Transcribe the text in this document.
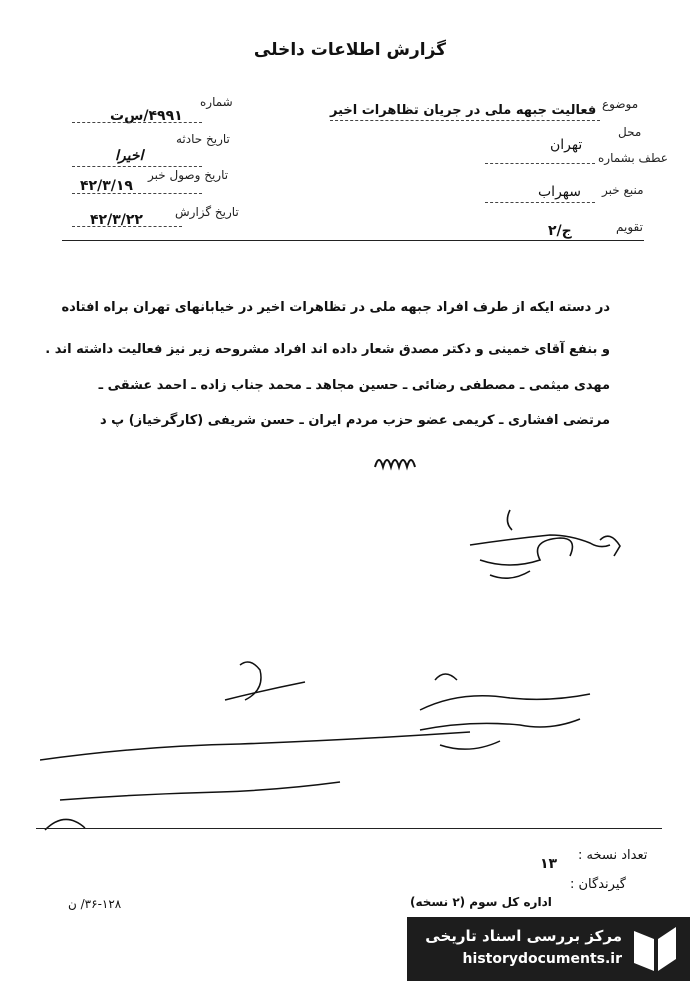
گزارش اطلاعات داخلی
شماره
۴۹۹۱/س‌ت
تاریخ حادثه
اخیرا
تاریخ وصول خبر
۴۲/۳/۱۹
تاریخ گزارش
۴۲/۳/۲۲
موضوع
فعالیت جبهه ملی در جریان تظاهرات اخیر
محل
تهران
عطف بشماره
منبع خبر
سهراب
تقویم
ج/۲
در دسته ایکه از طرف افراد جبهه ملی در تظاهرات اخیر در خیابانهای تهران براه افتاده
و بنفع آقای خمینی و دکتر مصدق شعار داده اند افراد مشروحه زیر نیز فعالیت داشته اند .
مهدی میثمی ـ مصطفی رضائی ـ حسین مجاهد ـ محمد جناب زاده ـ احمد عشقی ـ
مرتضی افشاری ـ کریمی عضو حزب مردم ایران ـ حسن شریفی (کارگرخیاز) پ د
تعداد نسخه :
۱۳
گیرندگان :
اداره کل سوم (۲ نسخه)
۳۶-۱۲۸/ ن
مرکز بررسی اسناد تاریخی
historydocuments.ir
